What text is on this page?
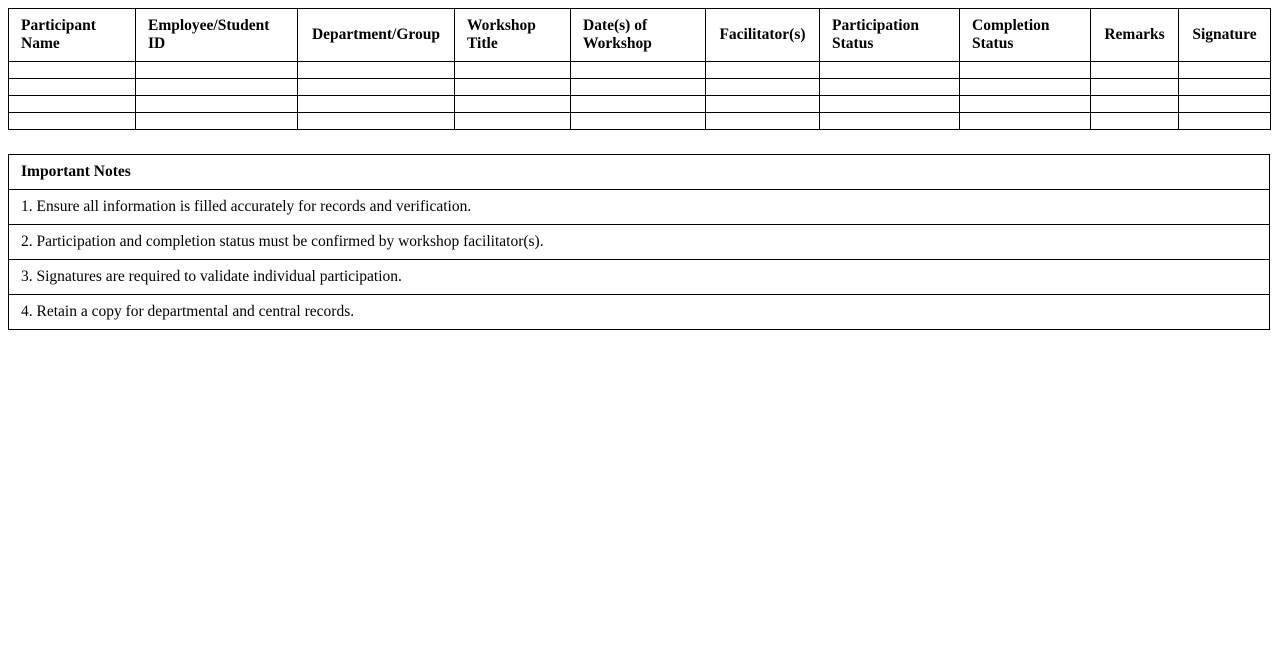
Participant Name	Employee/Student ID	Department/Group	Workshop Title	Date(s) of Workshop	Facilitator(s)	Participation Status	Completion Status	Remarks	Signature

Important Notes
1. Ensure all information is filled accurately for records and verification.
2. Participation and completion status must be confirmed by workshop facilitator(s).
3. Signatures are required to validate individual participation.
4. Retain a copy for departmental and central records.
